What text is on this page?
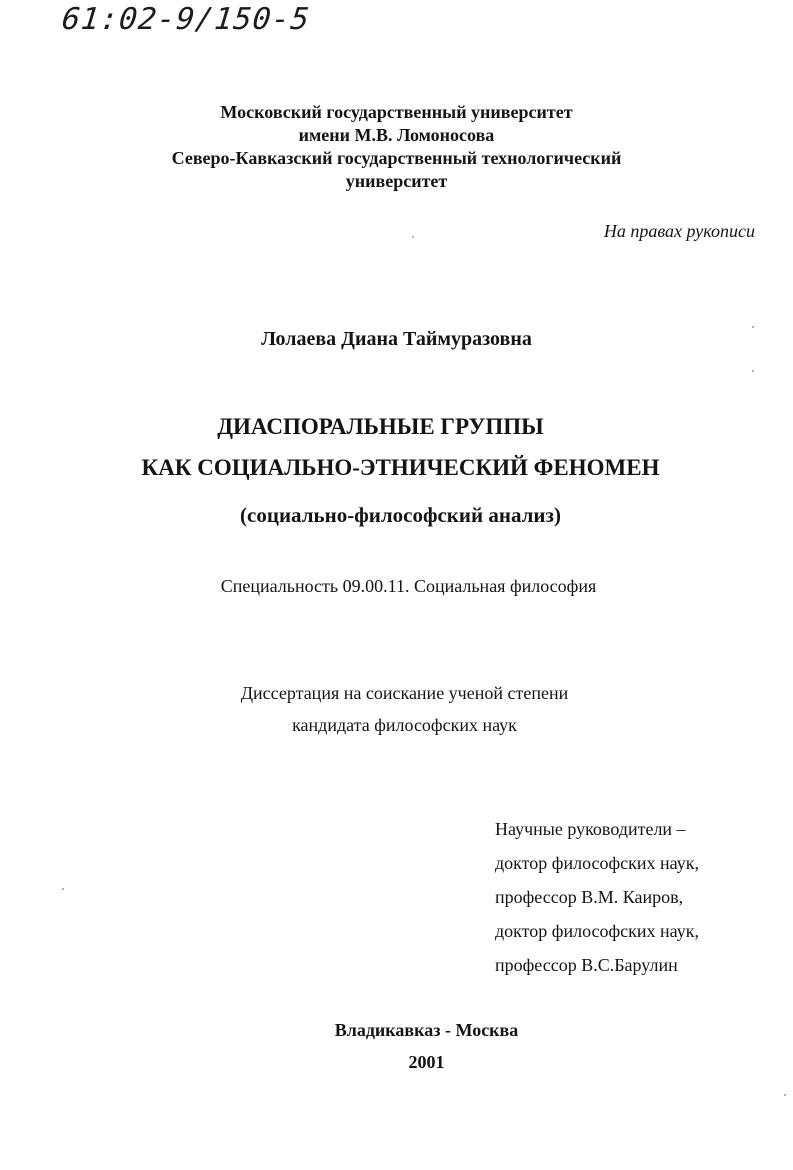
61:02-9/150-5
Московский государственный университет
имени М.В. Ломоносова
Северо-Кавказский государственный технологический
университет
На правах рукописи
Лолаева Диана Таймуразовна
ДИАСПОРАЛЬНЫЕ ГРУППЫ
КАК СОЦИАЛЬНО-ЭТНИЧЕСКИЙ ФЕНОМЕН
(социально-философский анализ)
Специальность 09.00.11. Социальная философия
Диссертация на соискание ученой степени
кандидата философских наук
Научные руководители –
доктор философских наук,
профессор В.М. Каиров,
доктор философских наук,
профессор В.С.Барулин
Владикавказ - Москва
2001
